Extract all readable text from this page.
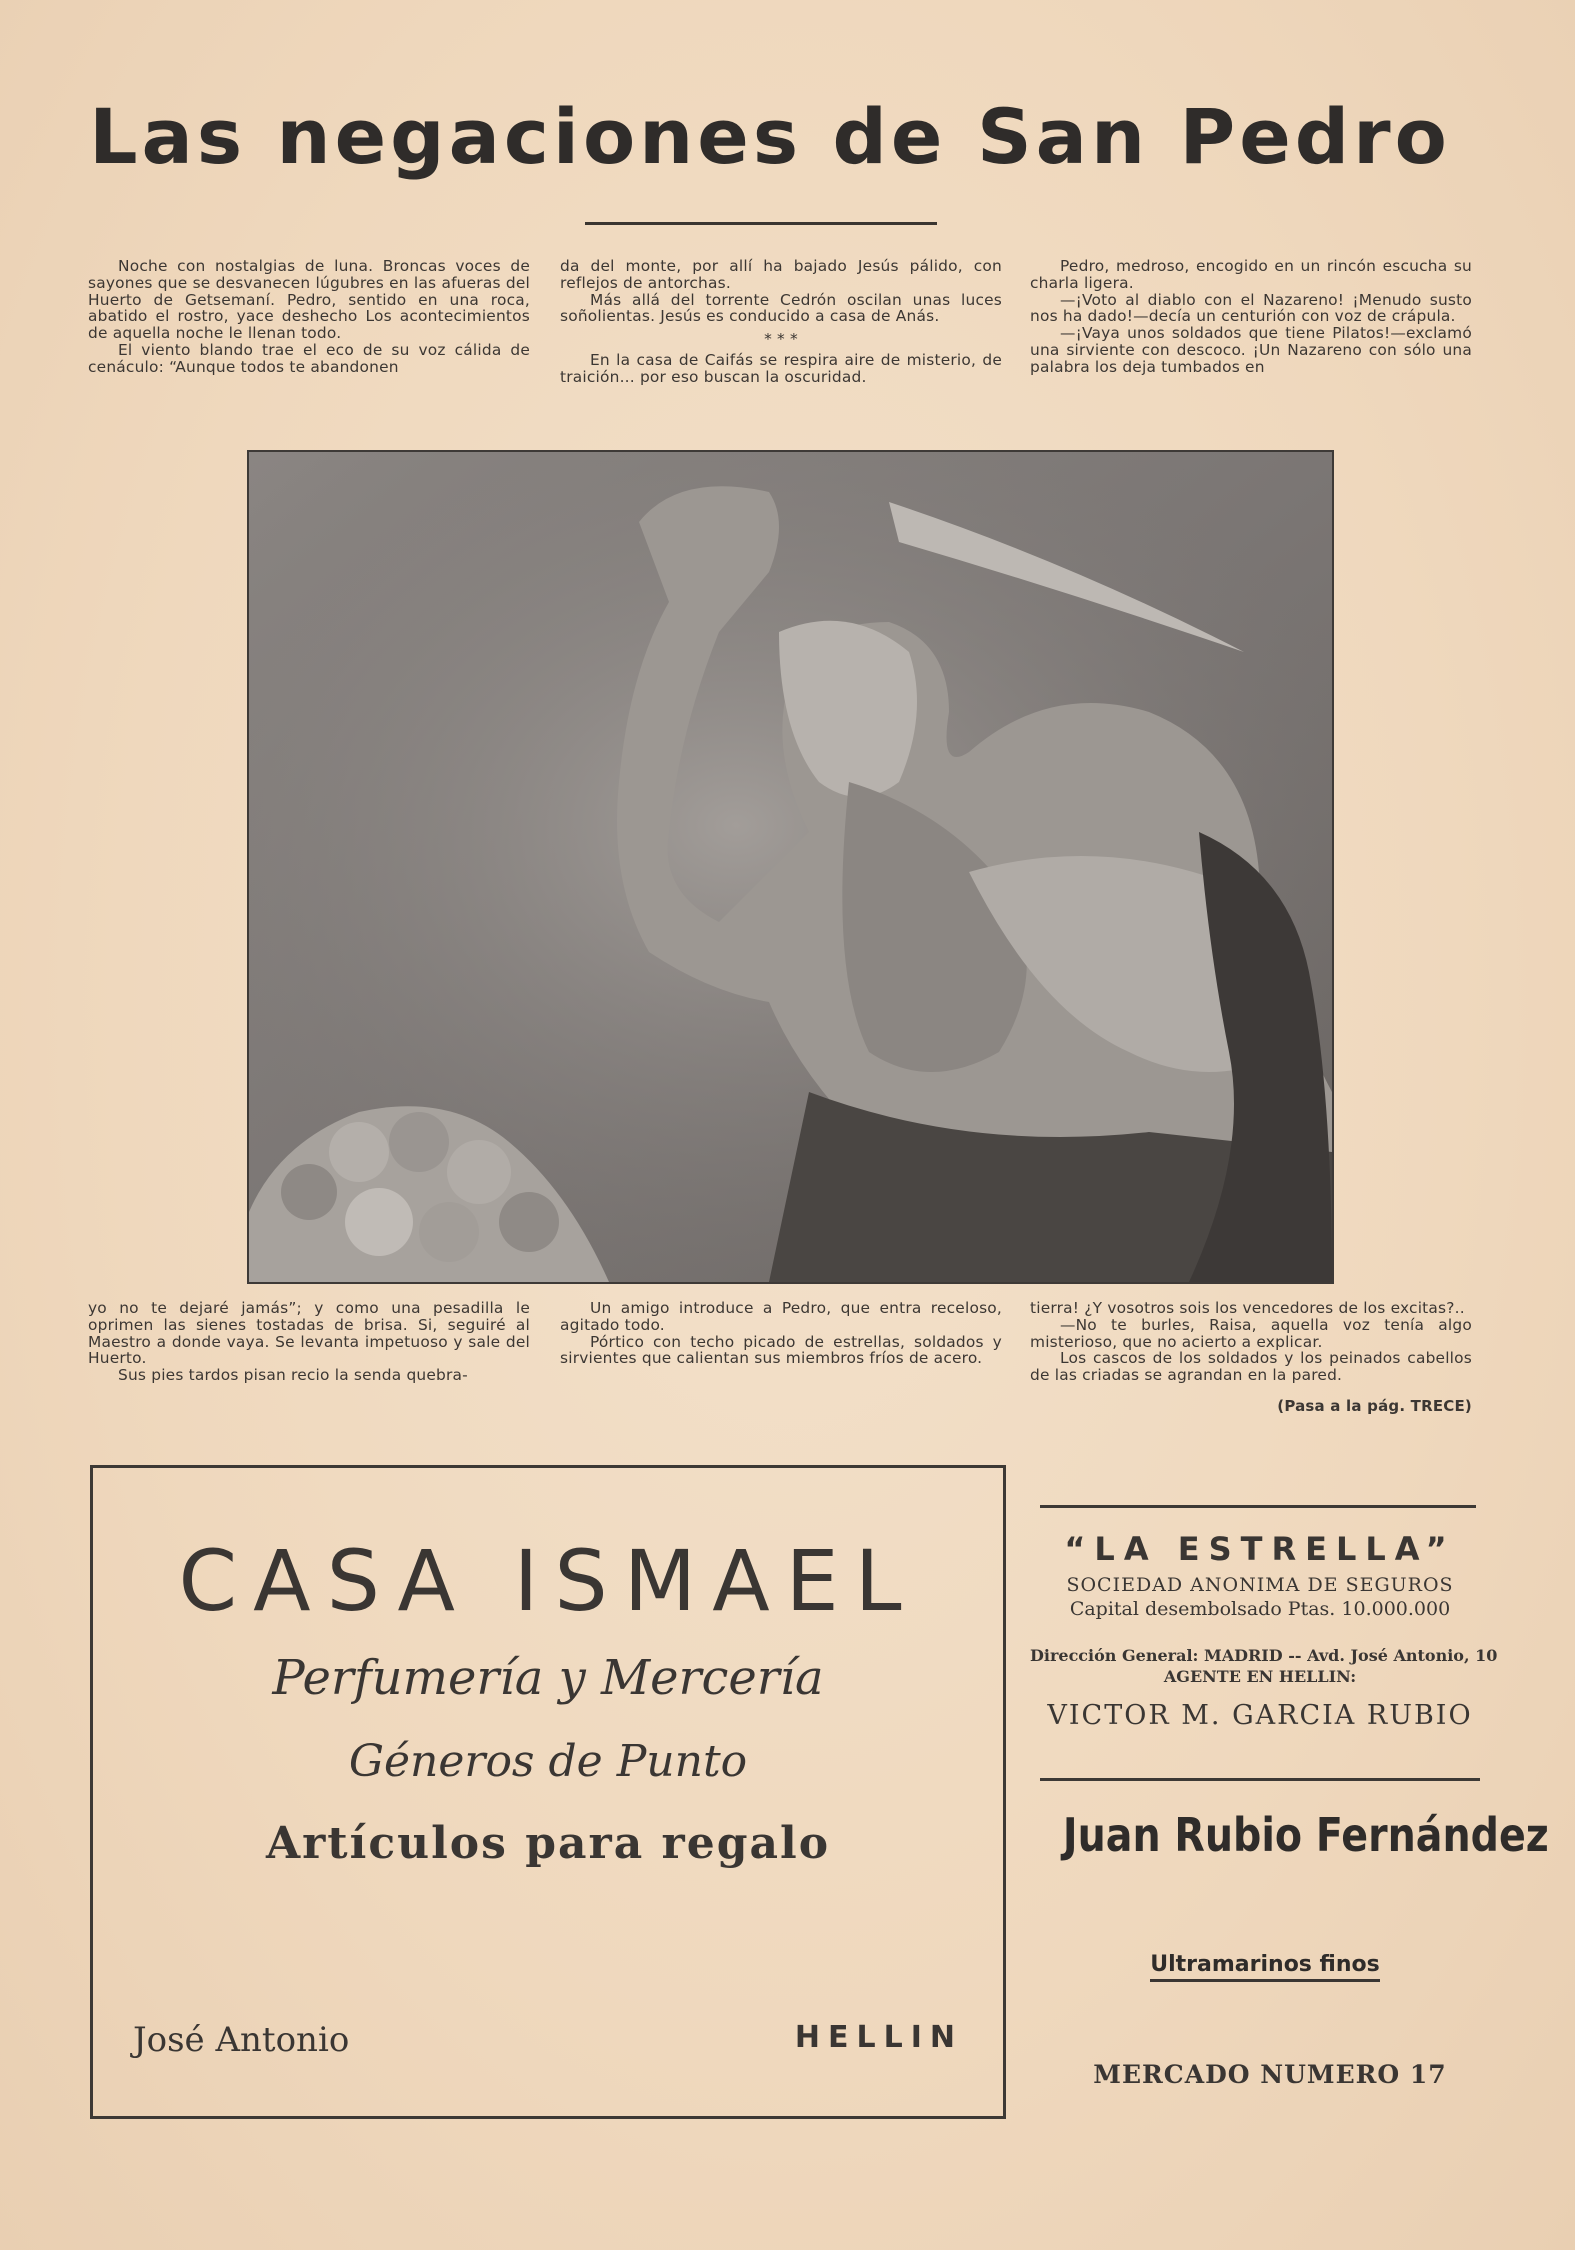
Las negaciones de San Pedro

Noche con nostalgias de luna. Broncas voces de sayones que se desvanecen lúgubres en las afueras del Huerto de Getsemaní. Pedro, sentido en una roca, abatido el rostro, yace deshecho Los acontecimientos de aquella noche le llenan todo.

El viento blando trae el eco de su voz cálida de cenáculo: “Aunque todos te abandonen

da del monte, por allí ha bajado Jesús pálido, con reflejos de antorchas.

Más allá del torrente Cedrón oscilan unas luces soñolientas. Jesús es conducido a casa de Anás.

* * *

En la casa de Caifás se respira aire de misterio, de traición... por eso buscan la oscuridad.

Pedro, medroso, encogido en un rincón escucha su charla ligera.

—¡Voto al diablo con el Nazareno! ¡Menudo susto nos ha dado!—decía un centurión con voz de crápula.

—¡Vaya unos soldados que tiene Pilatos!—exclamó una sirviente con descoco. ¡Un Nazareno con sólo una palabra los deja tumbados en

yo no te dejaré jamás”; y como una pesadilla le oprimen las sienes tostadas de brisa. Si, seguiré al Maestro a donde vaya. Se levanta impetuoso y sale del Huerto.

Sus pies tardos pisan recio la senda quebra-

Un amigo introduce a Pedro, que entra receloso, agitado todo.

Pórtico con techo picado de estrellas, soldados y sirvientes que calientan sus miembros fríos de acero.

tierra! ¿Y vosotros sois los vencedores de los excitas?..

—No te burles, Raisa, aquella voz tenía algo misterioso, que no acierto a explicar.

Los cascos de los soldados y los peinados cabellos de las criadas se agrandan en la pared.

(Pasa a la pág. TRECE)

CASA ISMAEL
Perfumería y Mercería
Géneros de Punto
Artículos para regalo
José Antonio	HELLIN
“LA ESTRELLA”
SOCIEDAD ANONIMA DE SEGUROS
Capital desembolsado Ptas. 10.000.000
Dirección General: MADRID -- Avd. José Antonio, 10
AGENTE EN HELLIN:
VICTOR M. GARCIA RUBIO
Juan Rubio Fernández
Ultramarinos finos
MERCADO NUMERO 17
